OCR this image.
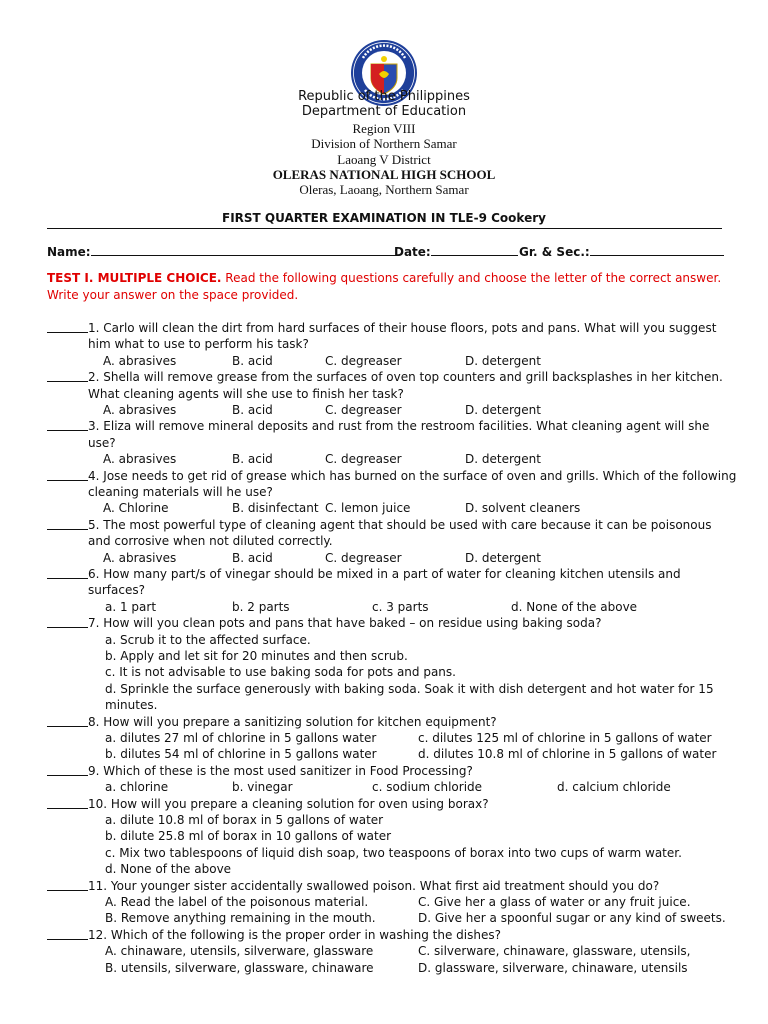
Republic of the Philippines
Department of Education
Region VIII
Division of Northern Samar
Laoang V District
OLERAS NATIONAL HIGH SCHOOL
Oleras, Laoang, Northern Samar
FIRST QUARTER EXAMINATION IN TLE-9 Cookery
Name:	Date:	Gr. & Sec.:
TEST I. MULTIPLE CHOICE. Read the following questions carefully and choose the letter of the correct answer. Write your answer on the space provided.
1. Carlo will clean the dirt from hard surfaces of their house floors, pots and pans. What will you suggest him what to use to perform his task?
A. abrasives	B. acid	C. degreaser	D. detergent
2. Shella will remove grease from the surfaces of oven top counters and grill backsplashes in her kitchen. What cleaning agents will she use to finish her task?
A. abrasives	B. acid	C. degreaser	D. detergent
3. Eliza will remove mineral deposits and rust from the restroom facilities. What cleaning agent will she use?
A. abrasives	B. acid	C. degreaser	D. detergent
4. Jose needs to get rid of grease which has burned on the surface of oven and grills. Which of the following cleaning materials will he use?
A. Chlorine	B. disinfectant C. lemon juice	D. solvent cleaners
5. The most powerful type of cleaning agent that should be used with care because it can be poisonous and corrosive when not diluted correctly.
A. abrasives	B. acid	C. degreaser	D. detergent
6. How many part/s of vinegar should be mixed in a part of water for cleaning kitchen utensils and surfaces?
a. 1 part	b. 2 parts	c. 3 parts	d. None of the above
7. How will you clean pots and pans that have baked – on residue using baking soda?
a. Scrub it to the affected surface.
b. Apply and let sit for 20 minutes and then scrub.
c. It is not advisable to use baking soda for pots and pans.
d. Sprinkle the surface generously with baking soda. Soak it with dish detergent and hot water for 15 minutes.
8. How will you prepare a sanitizing solution for kitchen equipment?
a. dilutes 27 ml of chlorine in 5 gallons water	c. dilutes 125 ml of chlorine in 5 gallons of water
b. dilutes 54 ml of chlorine in 5 gallons water	d. dilutes 10.8 ml of chlorine in 5 gallons of water
9. Which of these is the most used sanitizer in Food Processing?
a. chlorine	b. vinegar	c. sodium chloride	d. calcium chloride
10. How will you prepare a cleaning solution for oven using borax?
a. dilute 10.8 ml of borax in 5 gallons of water
b. dilute 25.8 ml of borax in 10 gallons of water
c. Mix two tablespoons of liquid dish soap, two teaspoons of borax into two cups of warm water.
d. None of the above
11. Your younger sister accidentally swallowed poison. What first aid treatment should you do?
A. Read the label of the poisonous material.	C. Give her a glass of water or any fruit juice.
B. Remove anything remaining in the mouth.	D. Give her a spoonful sugar or any kind of sweets.
12. Which of the following is the proper order in washing the dishes?
A. chinaware, utensils, silverware, glassware	C. silverware, chinaware, glassware, utensils,
B. utensils, silverware, glassware, chinaware	D. glassware, silverware, chinaware, utensils
